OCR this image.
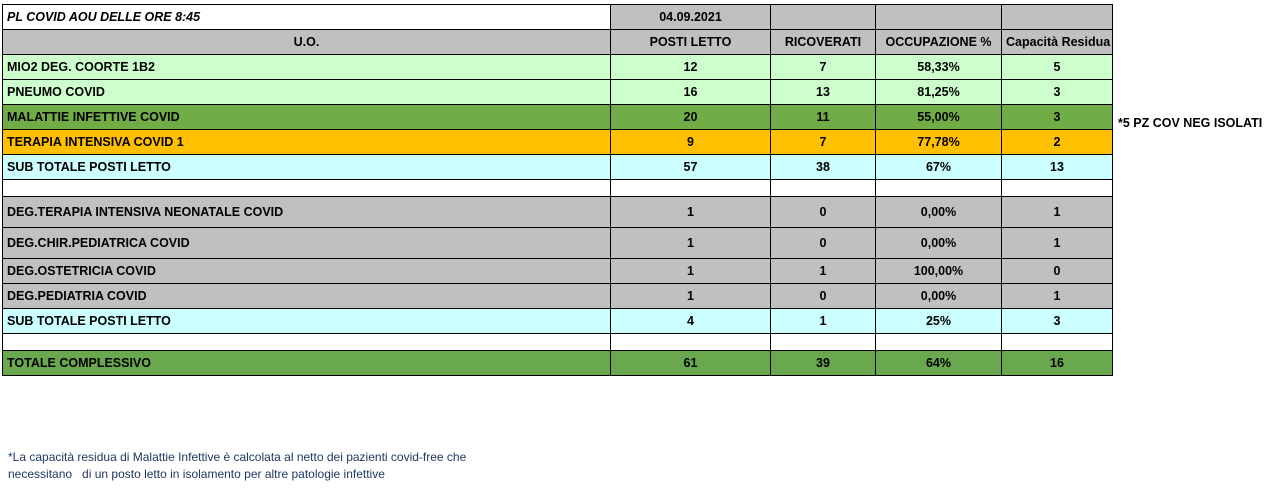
PL COVID AOU DELLE ORE 8:45	04.09.2021			
U.O.	POSTI LETTO	RICOVERATI	OCCUPAZIONE %	Capacità Residua
MIO2 DEG. COORTE 1B2	12	7	58,33%	5
PNEUMO COVID	16	13	81,25%	3
MALATTIE INFETTIVE COVID	20	11	55,00%	3
TERAPIA INTENSIVA COVID 1	9	7	77,78%	2
SUB TOTALE POSTI LETTO	57	38	67%	13

DEG.TERAPIA INTENSIVA NEONATALE COVID	1	0	0,00%	1
DEG.CHIR.PEDIATRICA COVID	1	0	0,00%	1
DEG.OSTETRICIA COVID	1	1	100,00%	0
DEG.PEDIATRIA COVID	1	0	0,00%	1
SUB TOTALE POSTI LETTO	4	1	25%	3

TOTALE COMPLESSIVO	61	39	64%	16
*5 PZ COV NEG ISOLATI
*La capacità residua di Malattie Infettive è calcolata al netto dei pazienti covid-free che
necessitano   di un posto letto in isolamento per altre patologie infettive
